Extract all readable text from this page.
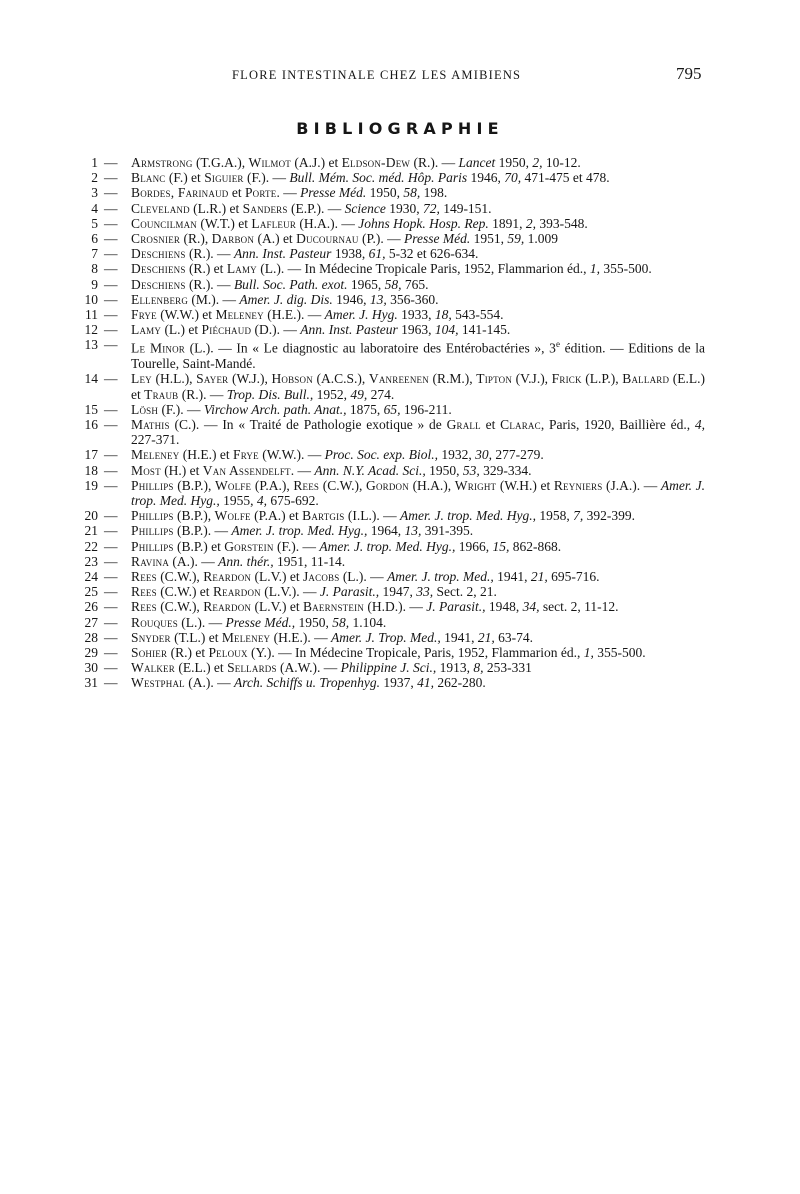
FLORE INTESTINALE CHEZ LES AMIBIENS	795
BIBLIOGRAPHIE
1 — Armstrong (T.G.A.), Wilmot (A.J.) et Eldson-Dew (R.). — Lancet 1950, 2, 10-12.
2 — Blanc (F.) et Siguier (F.). — Bull. Mém. Soc. méd. Hôp. Paris 1946, 70, 471-475 et 478.
3 — Bordes, Farinaud et Porte. — Presse Méd. 1950, 58, 198.
4 — Cleveland (L.R.) et Sanders (E.P.). — Science 1930, 72, 149-151.
5 — Councilman (W.T.) et Lafleur (H.A.). — Johns Hopk. Hosp. Rep. 1891, 2, 393-548.
6 — Crosnier (R.), Darbon (A.) et Ducournau (P.). — Presse Méd. 1951, 59, 1.009
7 — Deschiens (R.). — Ann. Inst. Pasteur 1938, 61, 5-32 et 626-634.
8 — Deschiens (R.) et Lamy (L.). — In Médecine Tropicale Paris, 1952, Flammarion éd., 1, 355-500.
9 — Deschiens (R.). — Bull. Soc. Path. exot. 1965, 58, 765.
10 — Ellenberg (M.). — Amer. J. dig. Dis. 1946, 13, 356-360.
11 — Frye (W.W.) et Meleney (H.E.). — Amer. J. Hyg. 1933, 18, 543-554.
12 — Lamy (L.) et Piéchaud (D.). — Ann. Inst. Pasteur 1963, 104, 141-145.
13 — Le Minor (L.). — In « Le diagnostic au laboratoire des Entérobactéries », 3e édition. — Editions de la Tourelle, Saint-Mandé.
14 — Ley (H.L.), Sayer (W.J.), Hobson (A.C.S.), Vanreenen (R.M.), Tipton (V.J.), Frick (L.P.), Ballard (E.L.) et Traub (R.). — Trop. Dis. Bull., 1952, 49, 274.
15 — Lösh (F.). — Virchow Arch. path. Anat., 1875, 65, 196-211.
16 — Mathis (C.). — In « Traité de Pathologie exotique » de Grall et Clarac, Paris, 1920, Baillière éd., 4, 227-371.
17 — Meleney (H.E.) et Frye (W.W.). — Proc. Soc. exp. Biol., 1932, 30, 277-279.
18 — Most (H.) et Van Assendelft. — Ann. N.Y. Acad. Sci., 1950, 53, 329-334.
19 — Phillips (B.P.), Wolfe (P.A.), Rees (C.W.), Gordon (H.A.), Wright (W.H.) et Reyniers (J.A.). — Amer. J. trop. Med. Hyg., 1955, 4, 675-692.
20 — Phillips (B.P.), Wolfe (P.A.) et Bartgis (I.L.). — Amer. J. trop. Med. Hyg., 1958, 7, 392-399.
21 — Phillips (B.P.). — Amer. J. trop. Med. Hyg., 1964, 13, 391-395.
22 — Phillips (B.P.) et Gorstein (F.). — Amer. J. trop. Med. Hyg., 1966, 15, 862-868.
23 — Ravina (A.). — Ann. thér., 1951, 11-14.
24 — Rees (C.W.), Reardon (L.V.) et Jacobs (L.). — Amer. J. trop. Med., 1941, 21, 695-716.
25 — Rees (C.W.) et Reardon (L.V.). — J. Parasit., 1947, 33, Sect. 2, 21.
26 — Rees (C.W.), Reardon (L.V.) et Baernstein (H.D.). — J. Parasit., 1948, 34, sect. 2, 11-12.
27 — Rouques (L.). — Presse Méd., 1950, 58, 1.104.
28 — Snyder (T.L.) et Meleney (H.E.). — Amer. J. Trop. Med., 1941, 21, 63-74.
29 — Sohier (R.) et Peloux (Y.). — In Médecine Tropicale, Paris, 1952, Flammarion éd., 1, 355-500.
30 — Walker (E.L.) et Sellards (A.W.). — Philippine J. Sci., 1913, 8, 253-331
31 — Westphal (A.). — Arch. Schiffs u. Tropenhyg. 1937, 41, 262-280.
